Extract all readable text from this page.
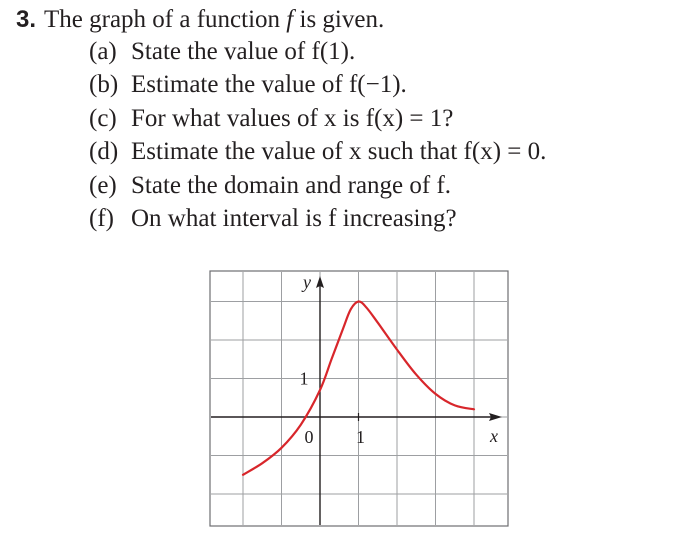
3. The graph of a function f is given.
(a) State the value of f(1).
(b) Estimate the value of f(−1).
(c) For what values of x is f(x) = 1?
(d) Estimate the value of x such that f(x) = 0.
(e) State the domain and range of f.
(f) On what interval is f increasing?
y
x
0 1
1
